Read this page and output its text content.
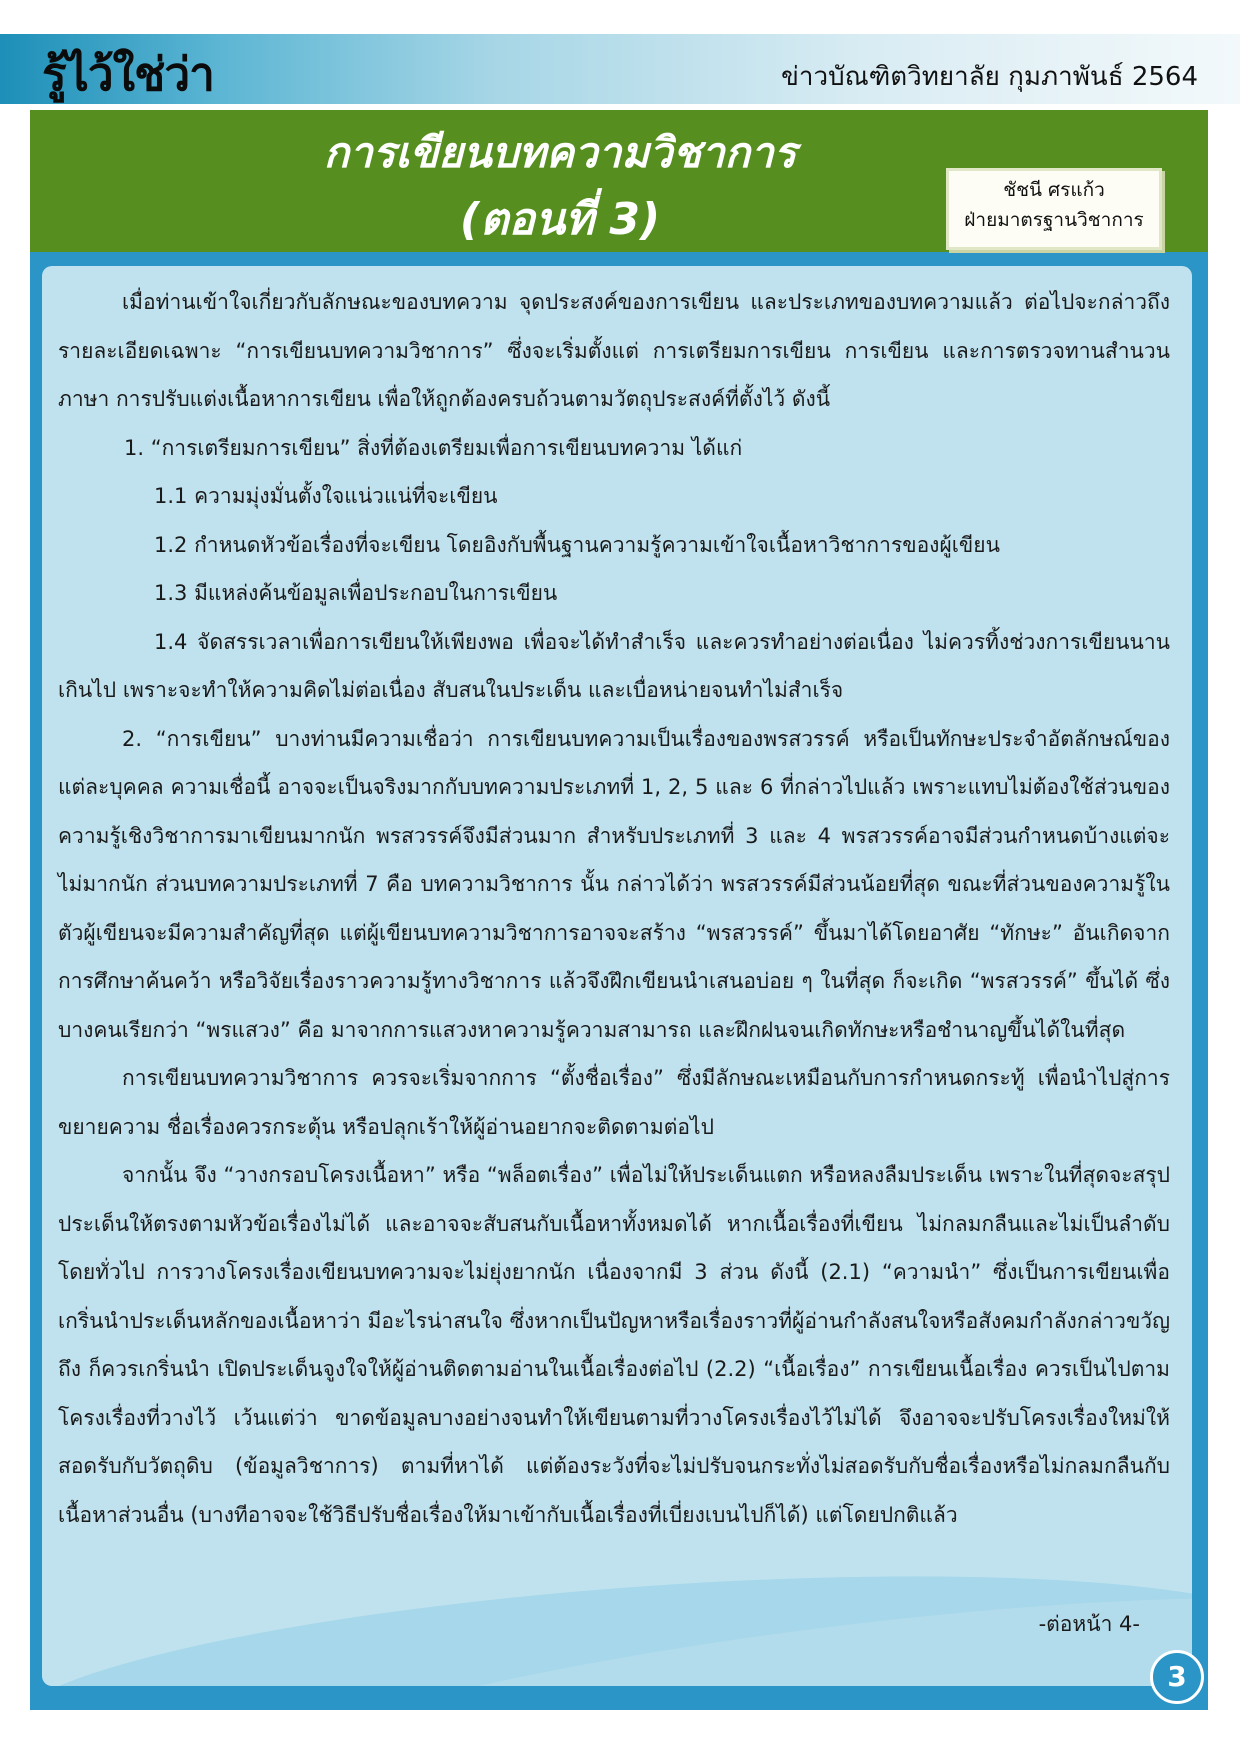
รู้ไว้ใช่ว่า	ข่าวบัณฑิตวิทยาลัย กุมภาพันธ์ 2564
การเขียนบทความวิชาการ
(ตอนที่ 3)
ชัชนี ศรแก้ว
ฝ่ายมาตรฐานวิชาการ

เมื่อท่านเข้าใจเกี่ยวกับลักษณะของบทความ จุดประสงค์ของการเขียน และประเภทของบทความแล้ว ต่อไปจะกล่าวถึงรายละเอียดเฉพาะ “การเขียนบทความวิชาการ” ซึ่งจะเริ่มตั้งแต่ การเตรียมการเขียน การเขียน และการตรวจทานสำนวนภาษา การปรับแต่งเนื้อหาการเขียน เพื่อให้ถูกต้องครบถ้วนตามวัตถุประสงค์ที่ตั้งไว้ ดังนี้

1. “การเตรียมการเขียน” สิ่งที่ต้องเตรียมเพื่อการเขียนบทความ ได้แก่

1.1 ความมุ่งมั่นตั้งใจแน่วแน่ที่จะเขียน

1.2 กำหนดหัวข้อเรื่องที่จะเขียน โดยอิงกับพื้นฐานความรู้ความเข้าใจเนื้อหาวิชาการของผู้เขียน

1.3 มีแหล่งค้นข้อมูลเพื่อประกอบในการเขียน

1.4 จัดสรรเวลาเพื่อการเขียนให้เพียงพอ เพื่อจะได้ทำสำเร็จ และควรทำอย่างต่อเนื่อง ไม่ควรทิ้งช่วงการเขียนนานเกินไป เพราะจะทำให้ความคิดไม่ต่อเนื่อง สับสนในประเด็น และเบื่อหน่ายจนทำไม่สำเร็จ

2. “การเขียน” บางท่านมีความเชื่อว่า การเขียนบทความเป็นเรื่องของพรสวรรค์ หรือเป็นทักษะประจำอัตลักษณ์ของแต่ละบุคคล ความเชื่อนี้ อาจจะเป็นจริงมากกับบทความประเภทที่ 1, 2, 5 และ 6 ที่กล่าวไปแล้ว เพราะแทบไม่ต้องใช้ส่วนของความรู้เชิงวิชาการมาเขียนมากนัก พรสวรรค์จึงมีส่วนมาก สำหรับประเภทที่ 3 และ 4 พรสวรรค์อาจมีส่วนกำหนดบ้างแต่จะไม่มากนัก ส่วนบทความประเภทที่ 7 คือ บทความวิชาการ นั้น กล่าวได้ว่า พรสวรรค์มีส่วนน้อยที่สุด ขณะที่ส่วนของความรู้ในตัวผู้เขียนจะมีความสำคัญที่สุด แต่ผู้เขียนบทความวิชาการอาจจะสร้าง “พรสวรรค์” ขึ้นมาได้โดยอาศัย “ทักษะ” อันเกิดจากการศึกษาค้นคว้า หรือวิจัยเรื่องราวความรู้ทางวิชาการ แล้วจึงฝึกเขียนนำเสนอบ่อย ๆ ในที่สุด ก็จะเกิด “พรสวรรค์” ขึ้นได้ ซึ่งบางคนเรียกว่า “พรแสวง” คือ มาจากการแสวงหาความรู้ความสามารถ และฝึกฝนจนเกิดทักษะหรือชำนาญขึ้นได้ในที่สุด

การเขียนบทความวิชาการ ควรจะเริ่มจากการ “ตั้งชื่อเรื่อง” ซึ่งมีลักษณะเหมือนกับการกำหนดกระทู้ เพื่อนำไปสู่การขยายความ ชื่อเรื่องควรกระตุ้น หรือปลุกเร้าให้ผู้อ่านอยากจะติดตามต่อไป

จากนั้น จึง “วางกรอบโครงเนื้อหา” หรือ “พล็อตเรื่อง” เพื่อไม่ให้ประเด็นแตก หรือหลงลืมประเด็น เพราะในที่สุดจะสรุปประเด็นให้ตรงตามหัวข้อเรื่องไม่ได้ และอาจจะสับสนกับเนื้อหาทั้งหมดได้ หากเนื้อเรื่องที่เขียน ไม่กลมกลืนและไม่เป็นลำดับ โดยทั่วไป การวางโครงเรื่องเขียนบทความจะไม่ยุ่งยากนัก เนื่องจากมี 3 ส่วน ดังนี้ (2.1) “ความนำ” ซึ่งเป็นการเขียนเพื่อเกริ่นนำประเด็นหลักของเนื้อหาว่า มีอะไรน่าสนใจ ซึ่งหากเป็นปัญหาหรือเรื่องราวที่ผู้อ่านกำลังสนใจหรือสังคมกำลังกล่าวขวัญถึง ก็ควรเกริ่นนำ เปิดประเด็นจูงใจให้ผู้อ่านติดตามอ่านในเนื้อเรื่องต่อไป (2.2) “เนื้อเรื่อง” การเขียนเนื้อเรื่อง ควรเป็นไปตามโครงเรื่องที่วางไว้ เว้นแต่ว่า ขาดข้อมูลบางอย่างจนทำให้เขียนตามที่วางโครงเรื่องไว้ไม่ได้ จึงอาจจะปรับโครงเรื่องใหม่ให้สอดรับกับวัตถุดิบ (ข้อมูลวิชาการ) ตามที่หาได้ แต่ต้องระวังที่จะไม่ปรับจนกระทั่งไม่สอดรับกับชื่อเรื่องหรือไม่กลมกลืนกับเนื้อหาส่วนอื่น (บางทีอาจจะใช้วิธีปรับชื่อเรื่องให้มาเข้ากับเนื้อเรื่องที่เบี่ยงเบนไปก็ได้) แต่โดยปกติแล้ว

-ต่อหน้า 4-
3
